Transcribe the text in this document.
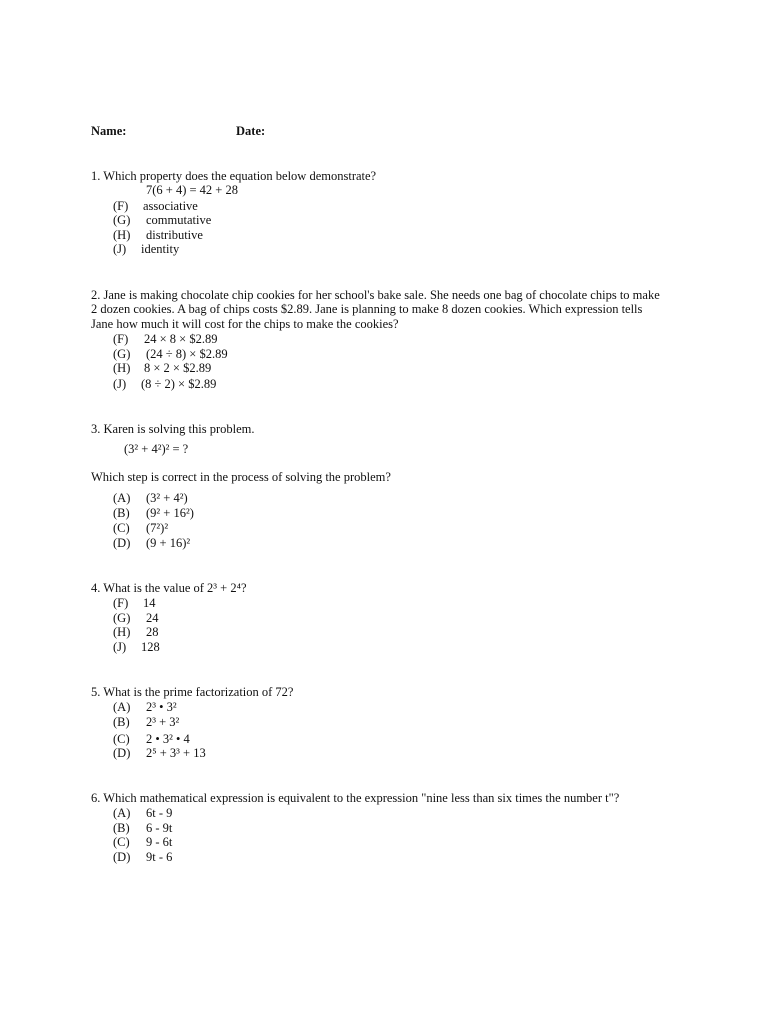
Name:	Date:
1. Which property does the equation below demonstrate?
7(6 + 4) = 42 + 28
(F) associative
(G) commutative
(H) distributive
(J) identity
2. Jane is making chocolate chip cookies for her school's bake sale. She needs one bag of chocolate chips to make
2 dozen cookies. A bag of chips costs $2.89. Jane is planning to make 8 dozen cookies. Which expression tells
Jane how much it will cost for the chips to make the cookies?
(F) 24 × 8 × $2.89
(G) (24 ÷ 8) × $2.89
(H) 8 × 2 × $2.89
(J) (8 ÷ 2) × $2.89
3. Karen is solving this problem.
(3² + 4²)² = ?
Which step is correct in the process of solving the problem?
(A) (3² + 4²)
(B) (9² + 16²)
(C) (7²)²
(D) (9 + 16)²
4. What is the value of 2³ + 2⁴?
(F) 14
(G) 24
(H) 28
(J) 128
5. What is the prime factorization of 72?
(A) 2³ • 3²
(B) 2³ + 3²
(C) 2 • 3² • 4
(D) 2⁵ + 3³ + 13
6. Which mathematical expression is equivalent to the expression "nine less than six times the number t"?
(A) 6t - 9
(B) 6 - 9t
(C) 9 - 6t
(D) 9t - 6
